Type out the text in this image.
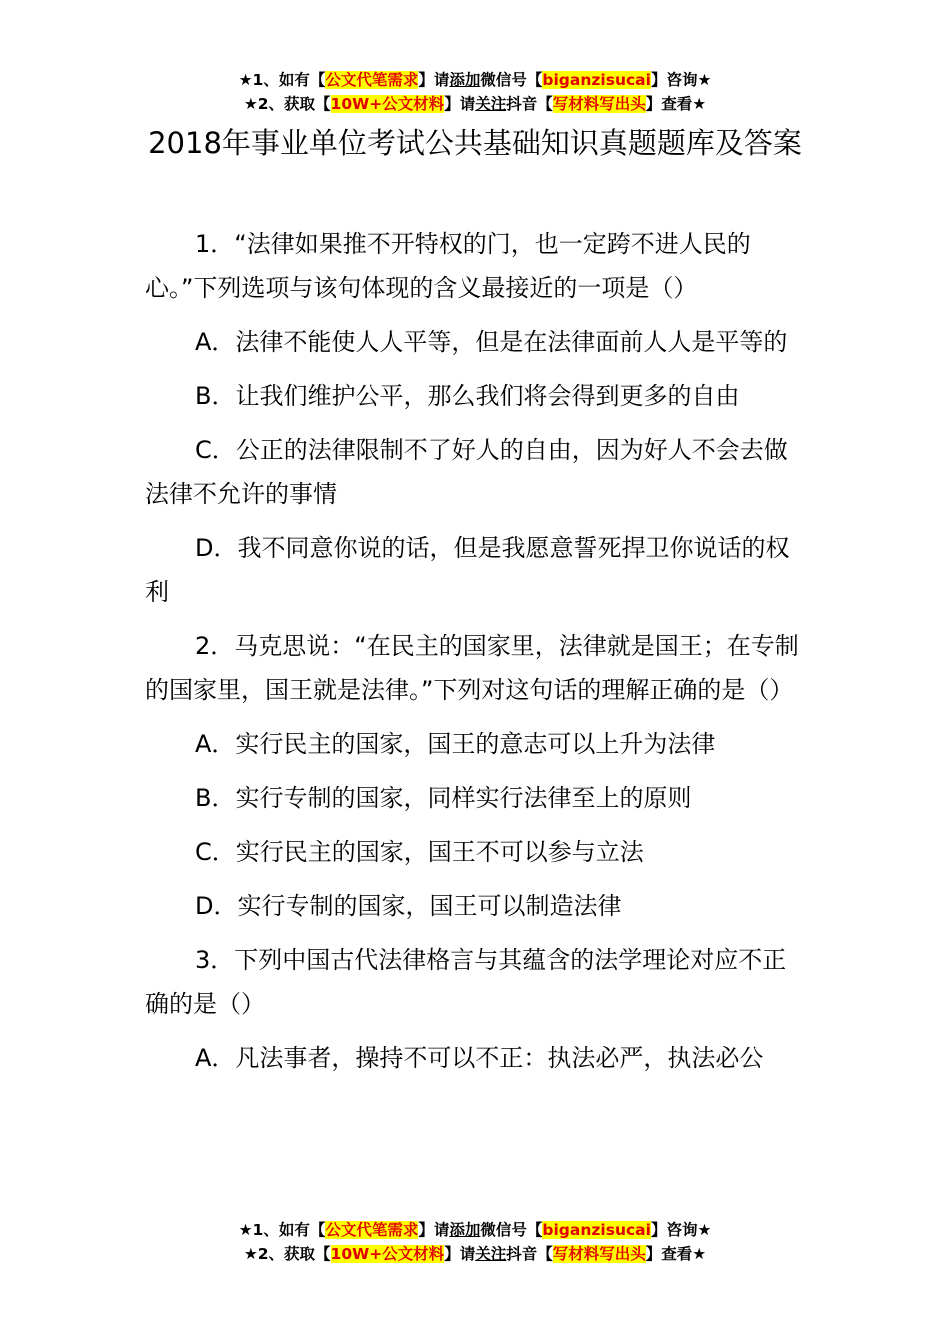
★1、如有【公文代笔需求】请添加微信号【biganzisucai】咨询★
★2、获取【10W+公文材料】请关注抖音【写材料写出头】查看★
2018年事业单位考试公共基础知识真题题库及答案

1．“法律如果推不开特权的门，也一定跨不进人民的心。”下列选项与该句体现的含义最接近的一项是（）

A．法律不能使人人平等，但是在法律面前人人是平等的

B．让我们维护公平，那么我们将会得到更多的自由

C．公正的法律限制不了好人的自由，因为好人不会去做法律不允许的事情

D．我不同意你说的话，但是我愿意誓死捍卫你说话的权利

2．马克思说：“在民主的国家里，法律就是国王；在专制的国家里，国王就是法律。”下列对这句话的理解正确的是（）

A．实行民主的国家，国王的意志可以上升为法律

B．实行专制的国家，同样实行法律至上的原则

C．实行民主的国家，国王不可以参与立法

D．实行专制的国家，国王可以制造法律

3．下列中国古代法律格言与其蕴含的法学理论对应不正确的是（）

A．凡法事者，操持不可以不正：执法必严，执法必公

★1、如有【公文代笔需求】请添加微信号【biganzisucai】咨询★
★2、获取【10W+公文材料】请关注抖音【写材料写出头】查看★
